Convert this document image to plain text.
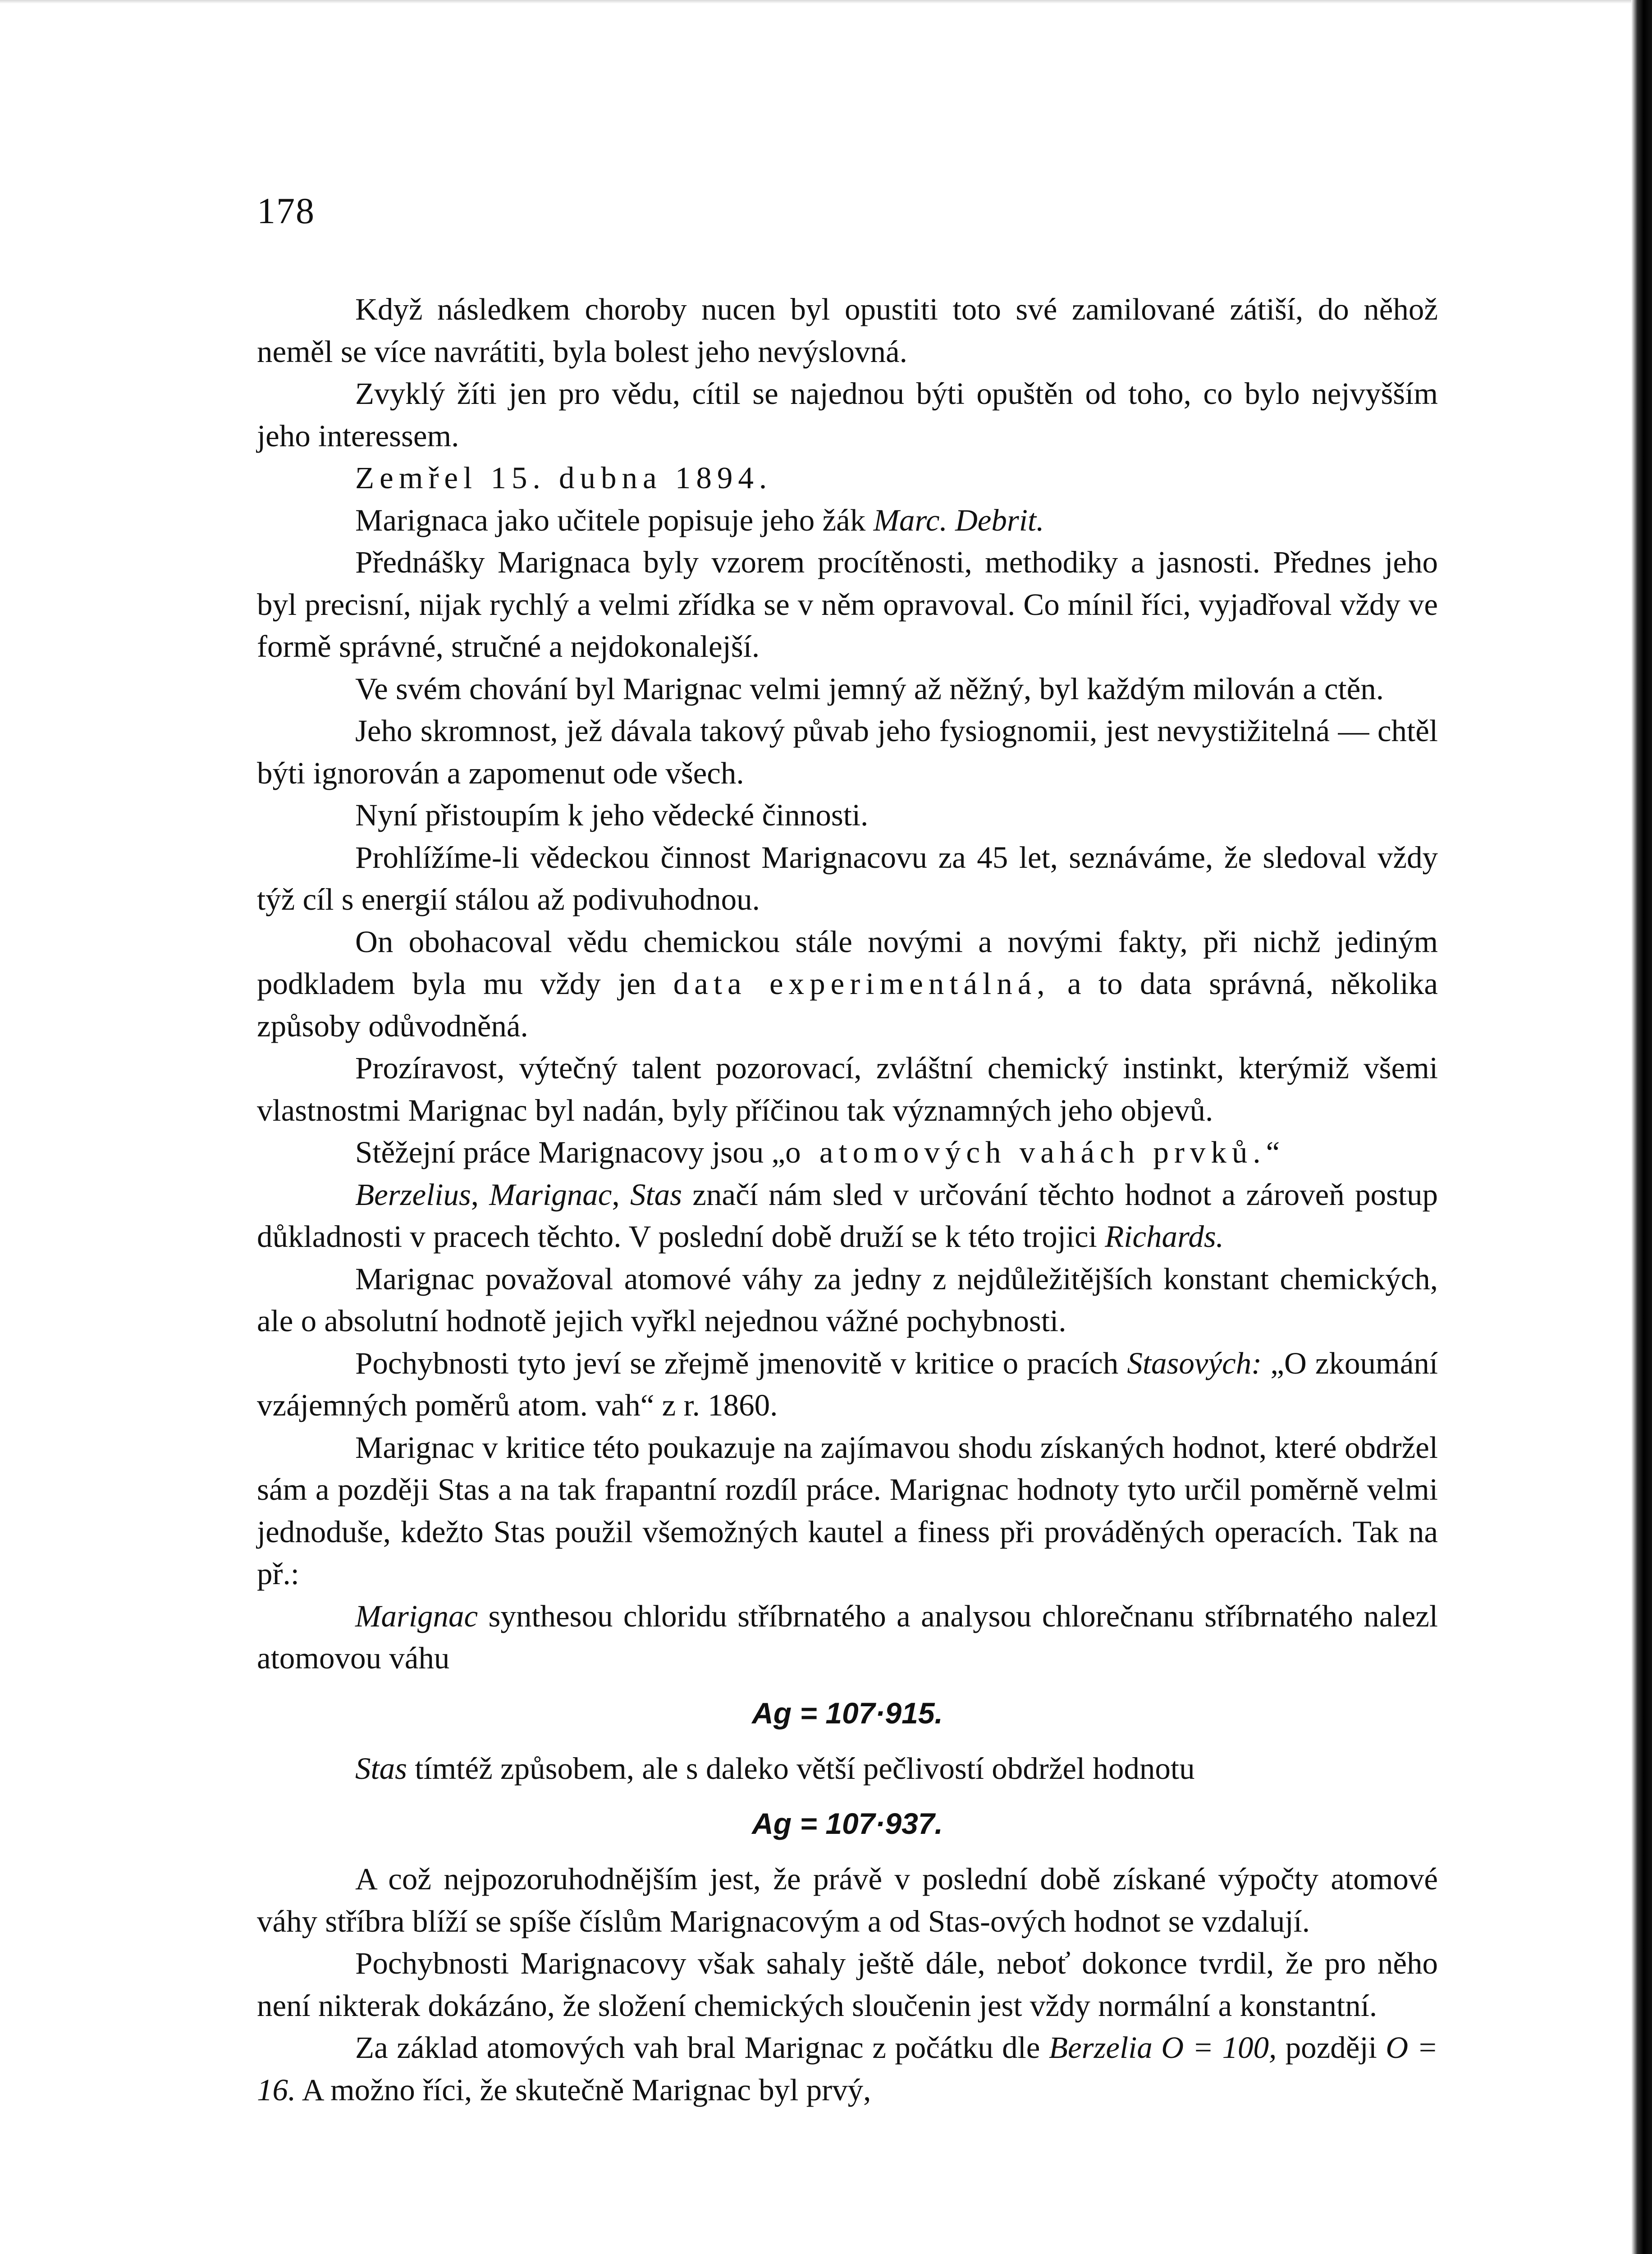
178

Když následkem choroby nucen byl opustiti toto své zamilované zátiší, do něhož neměl se více navrátiti, byla bolest jeho nevýslovná.

Zvyklý žíti jen pro vědu, cítil se najednou býti opuštěn od toho, co bylo nejvyšším jeho interessem.

Zemřel 15. dubna 1894.

Marignaca jako učitele popisuje jeho žák Marc. Debrit.

Přednášky Marignaca byly vzorem procítěnosti, methodiky a jasnosti. Přednes jeho byl precisní, nijak rychlý a velmi zřídka se v něm opravoval. Co mínil říci, vyjadřoval vždy ve formě správné, stručné a nejdokonalejší.

Ve svém chování byl Marignac velmi jemný až něžný, byl každým milován a ctěn.

Jeho skromnost, jež dávala takový půvab jeho fysiognomii, jest nevystižitelná — chtěl býti ignorován a zapomenut ode všech.

Nyní přistoupím k jeho vědecké činnosti.

Prohlížíme-li vědeckou činnost Marignacovu za 45 let, seznáváme, že sledoval vždy týž cíl s energií stálou až podivuhodnou.

On obohacoval vědu chemickou stále novými a novými fakty, při nichž jediným podkladem byla mu vždy jen data experimentálná, a to data správná, několika způsoby odůvodněná.

Prozíravost, výtečný talent pozorovací, zvláštní chemický instinkt, kterýmiž všemi vlastnostmi Marignac byl nadán, byly příčinou tak významných jeho objevů.

Stěžejní práce Marignacovy jsou „o atomových vahách prvků.“

Berzelius, Marignac, Stas značí nám sled v určování těchto hodnot a zároveň postup důkladnosti v pracech těchto. V poslední době druží se k této trojici Richards.

Marignac považoval atomové váhy za jedny z nejdůležitějších konstant chemických, ale o absolutní hodnotě jejich vyřkl nejednou vážné pochybnosti.

Pochybnosti tyto jeví se zřejmě jmenovitě v kritice o pracích Stasových: „O zkoumání vzájemných poměrů atom. vah“ z r. 1860.

Marignac v kritice této poukazuje na zajímavou shodu získaných hodnot, které obdržel sám a později Stas a na tak frapantní rozdíl práce. Marignac hodnoty tyto určil poměrně velmi jednoduše, kdežto Stas použil všemožných kautel a finess při prováděných operacích. Tak na př.:

Marignac synthesou chloridu stříbrnatého a analysou chlorečnanu stříbrnatého nalezl atomovou váhu

Ag = 107·915.

Stas tímtéž způsobem, ale s daleko větší pečlivostí obdržel hodnotu

Ag = 107·937.

A což nejpozoruhodnějším jest, že právě v poslední době získané výpočty atomové váhy stříbra blíží se spíše číslům Marignacovým a od Stas-ových hodnot se vzdalují.

Pochybnosti Marignacovy však sahaly ještě dále, neboť dokonce tvrdil, že pro něho není nikterak dokázáno, že složení chemických sloučenin jest vždy normální a konstantní.

Za základ atomových vah bral Marignac z počátku dle Berzelia O = 100, později O = 16. A možno říci, že skutečně Marignac byl prvý,
